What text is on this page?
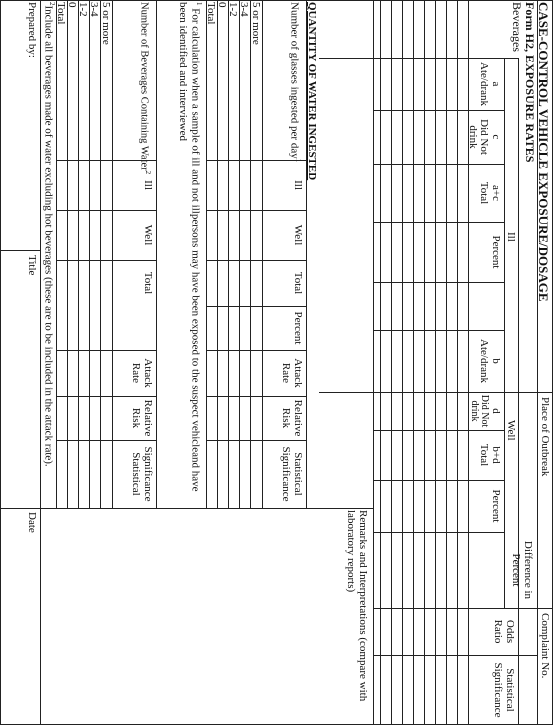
CASE-CONTROL VEHICLE EXPOSURE/DOSAGE
Form H2, EXPOSURE RATES
Place of Outbreak
Complaint No.
Beverages
Ill
Well
a
Ate/drank
c
Did Not drink
a+c
Total
Percent
b
Ate/drank
d
Did Not drink
b+d
Total
Percent
Difference in Percent
Odds Ratio
Statistical Significance
Remarks and Interpretations (compare with laboratory reports)
QUANTITY OF WATER INGESTED
Number of glasses ingested per day$^1$
Ill
Well
Total
Percent
Attack Rate
Relative Risk
Statistical Significance
5 or more
3-4
1-2
0
Total
$^1$ For calculation when a sample of ill and not illpersons may have been exposed to the suspect vehicleand have been identified and interviewed
Number of Beverages Containing Water$^2$
Ill
Well
Total
Attack Rate
Relative Risk
Significance Statistical
5 or more
3-4
1-2
0
Total
$^2$Include all beverages made of water excluding hot beverages (these are to be included in the attack rate).
Prepared by:
Title
Date
